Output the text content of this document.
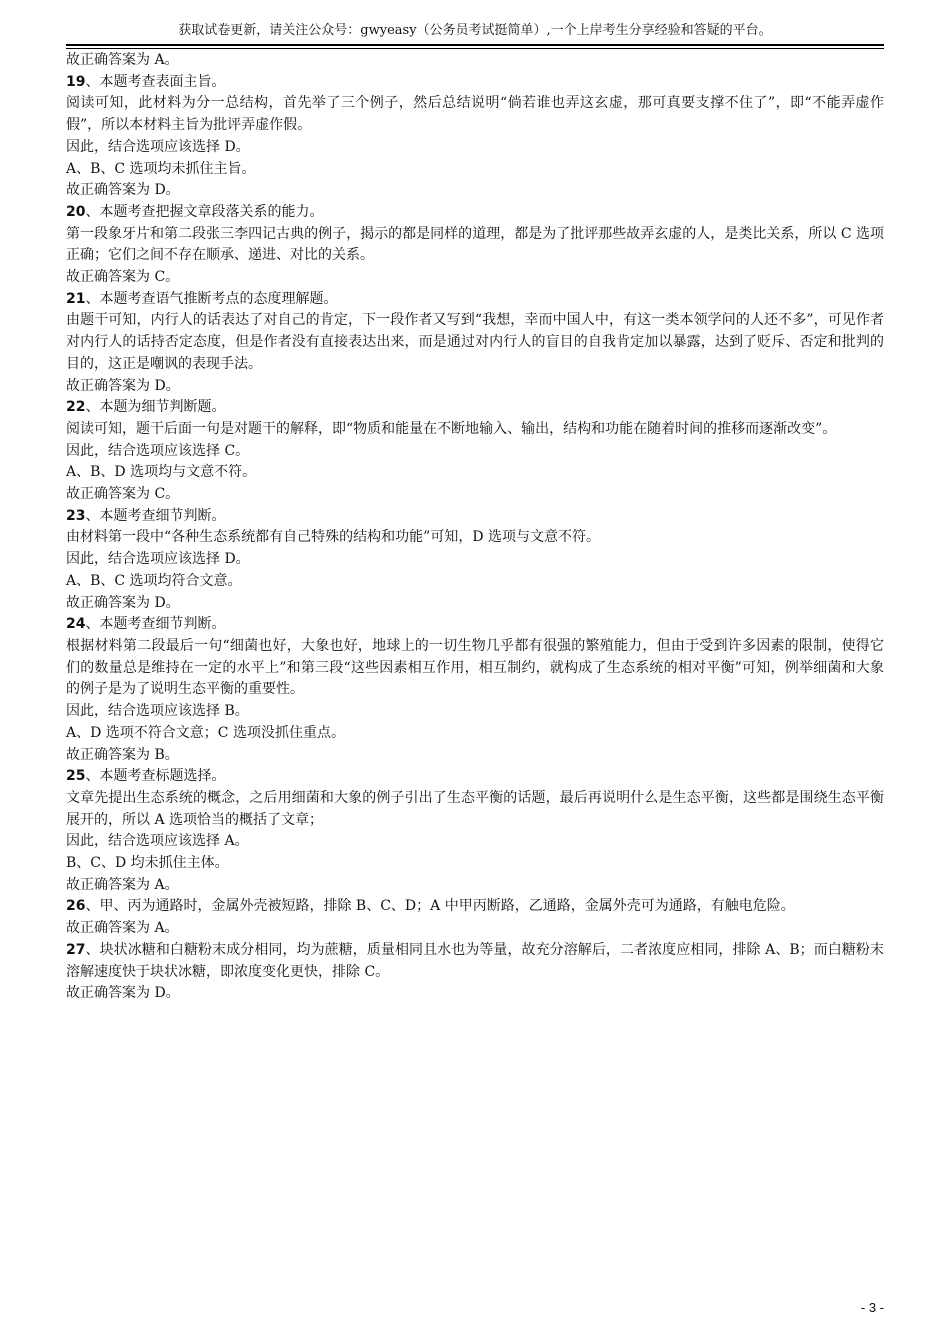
获取试卷更新，请关注公众号：gwyeasy（公务员考试挺简单）,一个上岸考生分享经验和答疑的平台。

故正确答案为 A。

19、本题考查表面主旨。

阅读可知，此材料为分一总结构，首先举了三个例子，然后总结说明“倘若谁也弄这玄虚，那可真要支撑不住了”，即“不能弄虚作假”，所以本材料主旨为批评弄虚作假。

因此，结合选项应该选择 D。

A、B、C 选项均未抓住主旨。

故正确答案为 D。

20、本题考查把握文章段落关系的能力。

第一段象牙片和第二段张三李四记古典的例子，揭示的都是同样的道理，都是为了批评那些故弄玄虚的人，是类比关系，所以 C 选项正确；它们之间不存在顺承、递进、对比的关系。

故正确答案为 C。

21、本题考查语气推断考点的态度理解题。

由题干可知，内行人的话表达了对自己的肯定，下一段作者又写到“我想，幸而中国人中，有这一类本领学问的人还不多”，可见作者对内行人的话持否定态度，但是作者没有直接表达出来，而是通过对内行人的盲目的自我肯定加以暴露，达到了贬斥、否定和批判的目的，这正是嘲讽的表现手法。

故正确答案为 D。

22、本题为细节判断题。

阅读可知，题干后面一句是对题干的解释，即“物质和能量在不断地输入、输出，结构和功能在随着时间的推移而逐渐改变”。

因此，结合选项应该选择 C。

A、B、D 选项均与文意不符。

故正确答案为 C。

23、本题考查细节判断。

由材料第一段中“各种生态系统都有自己特殊的结构和功能”可知，D 选项与文意不符。

因此，结合选项应该选择 D。

A、B、C 选项均符合文意。

故正确答案为 D。

24、本题考查细节判断。

根据材料第二段最后一句“细菌也好，大象也好，地球上的一切生物几乎都有很强的繁殖能力，但由于受到许多因素的限制，使得它们的数量总是维持在一定的水平上”和第三段“这些因素相互作用，相互制约，就构成了生态系统的相对平衡”可知，例举细菌和大象的例子是为了说明生态平衡的重要性。

因此，结合选项应该选择 B。

A、D 选项不符合文意；C 选项没抓住重点。

故正确答案为 B。

25、本题考查标题选择。

文章先提出生态系统的概念，之后用细菌和大象的例子引出了生态平衡的话题，最后再说明什么是生态平衡，这些都是围绕生态平衡展开的，所以 A 选项恰当的概括了文章；

因此，结合选项应该选择 A。

B、C、D 均未抓住主体。

故正确答案为 A。

26、甲、丙为通路时，金属外壳被短路，排除 B、C、D；A 中甲丙断路，乙通路，金属外壳可为通路，有触电危险。

故正确答案为 A。

27、块状冰糖和白糖粉末成分相同，均为蔗糖，质量相同且水也为等量，故充分溶解后，二者浓度应相同，排除 A、B；而白糖粉末溶解速度快于块状冰糖，即浓度变化更快，排除 C。

故正确答案为 D。

- 3 -
